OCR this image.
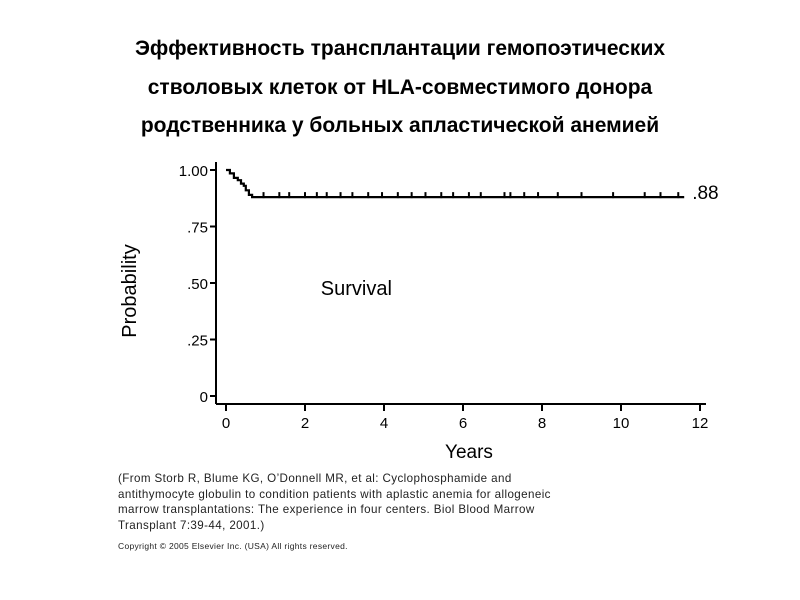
Эффективность трансплантации гемопоэтических
стволовых клеток от HLA-совместимого донора
родственника у больных апластической анемией
0
.25
.50
.75
1.00
0	2	4	6	8	10	12
Probability
Years
Survival
.88
(From Storb R, Blume KG, O’Donnell MR, et al: Cyclophosphamide and
antithymocyte globulin to condition patients with aplastic anemia for allogeneic
marrow transplantations: The experience in four centers. Biol Blood Marrow
Transplant 7:39-44, 2001.)
Copyright © 2005 Elsevier Inc. (USA) All rights reserved.
